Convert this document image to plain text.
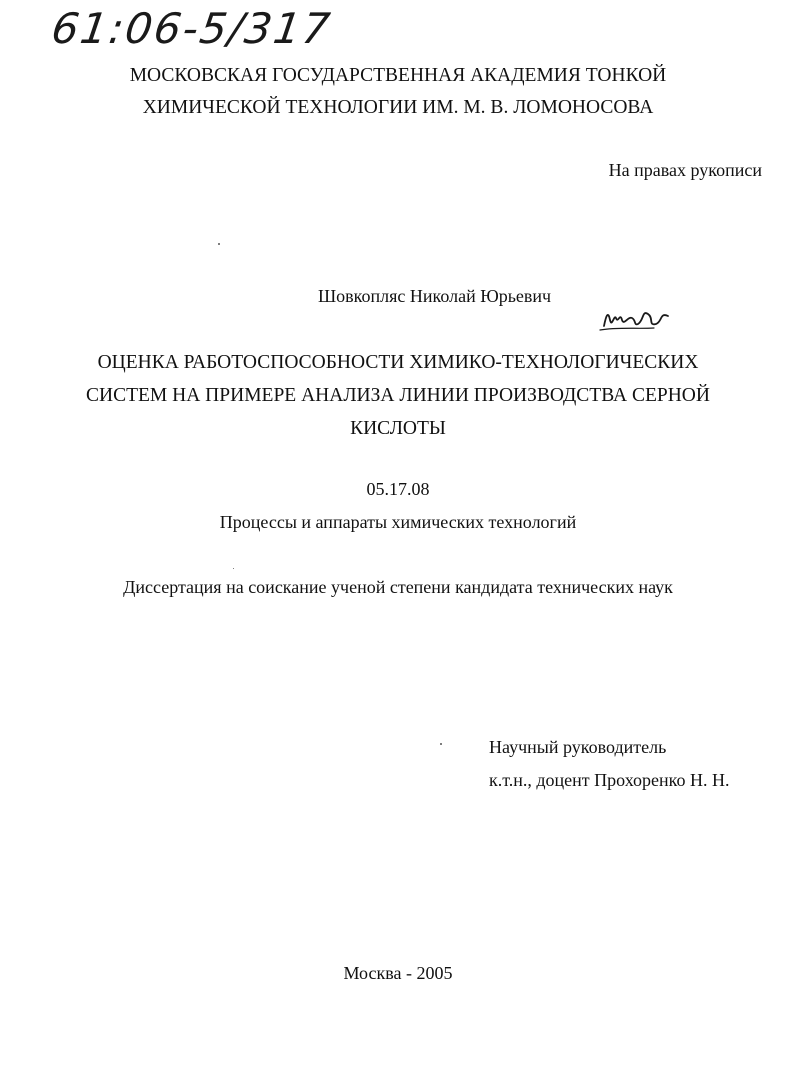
61:06-5/317
МОСКОВСКАЯ ГОСУДАРСТВЕННАЯ АКАДЕМИЯ ТОНКОЙ
ХИМИЧЕСКОЙ ТЕХНОЛОГИИ ИМ. М. В. ЛОМОНОСОВА
На правах рукописи
Шовкопляс Николай Юрьевич
ОЦЕНКА РАБОТОСПОСОБНОСТИ ХИМИКО-ТЕХНОЛОГИЧЕСКИХ
СИСТЕМ НА ПРИМЕРЕ АНАЛИЗА ЛИНИИ ПРОИЗВОДСТВА СЕРНОЙ
КИСЛОТЫ
05.17.08
Процессы и аппараты химических технологий
Диссертация на соискание ученой степени кандидата технических наук
Научный руководитель
к.т.н., доцент Прохоренко Н. Н.
Москва - 2005
